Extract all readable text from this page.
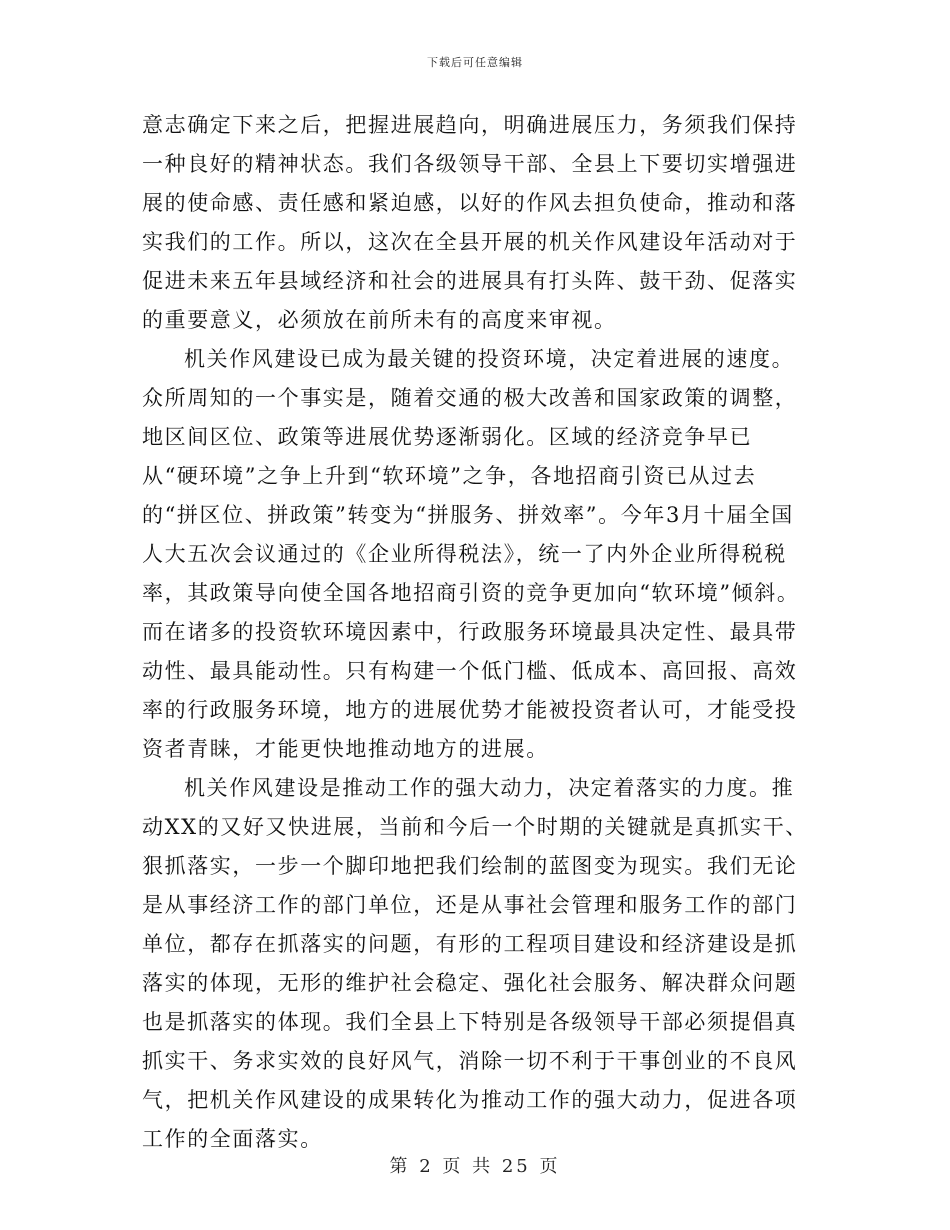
下载后可任意编辑

意志确定下来之后，把握进展趋向，明确进展压力，务须我们保持一种良好的精神状态。我们各级领导干部、全县上下要切实增强进展的使命感、责任感和紧迫感，以好的作风去担负使命，推动和落实我们的工作。所以，这次在全县开展的机关作风建设年活动对于促进未来五年县域经济和社会的进展具有打头阵、鼓干劲、促落实的重要意义，必须放在前所未有的高度来审视。

机关作风建设已成为最关键的投资环境，决定着进展的速度。众所周知的一个事实是，随着交通的极大改善和国家政策的调整，地区间区位、政策等进展优势逐渐弱化。区域的经济竞争早已从“硬环境”之争上升到“软环境”之争，各地招商引资已从过去的“拼区位、拼政策”转变为“拼服务、拼效率”。今年3月十届全国人大五次会议通过的《企业所得税法》，统一了内外企业所得税税率，其政策导向使全国各地招商引资的竞争更加向“软环境”倾斜。而在诸多的投资软环境因素中，行政服务环境最具决定性、最具带动性、最具能动性。只有构建一个低门槛、低成本、高回报、高效率的行政服务环境，地方的进展优势才能被投资者认可，才能受投资者青睐，才能更快地推动地方的进展。

机关作风建设是推动工作的强大动力，决定着落实的力度。推动XX的又好又快进展，当前和今后一个时期的关键就是真抓实干、狠抓落实，一步一个脚印地把我们绘制的蓝图变为现实。我们无论是从事经济工作的部门单位，还是从事社会管理和服务工作的部门单位，都存在抓落实的问题，有形的工程项目建设和经济建设是抓落实的体现，无形的维护社会稳定、强化社会服务、解决群众问题也是抓落实的体现。我们全县上下特别是各级领导干部必须提倡真抓实干、务求实效的良好风气，消除一切不利于干事创业的不良风气，把机关作风建设的成果转化为推动工作的强大动力，促进各项工作的全面落实。

第 2 页 共 25 页
